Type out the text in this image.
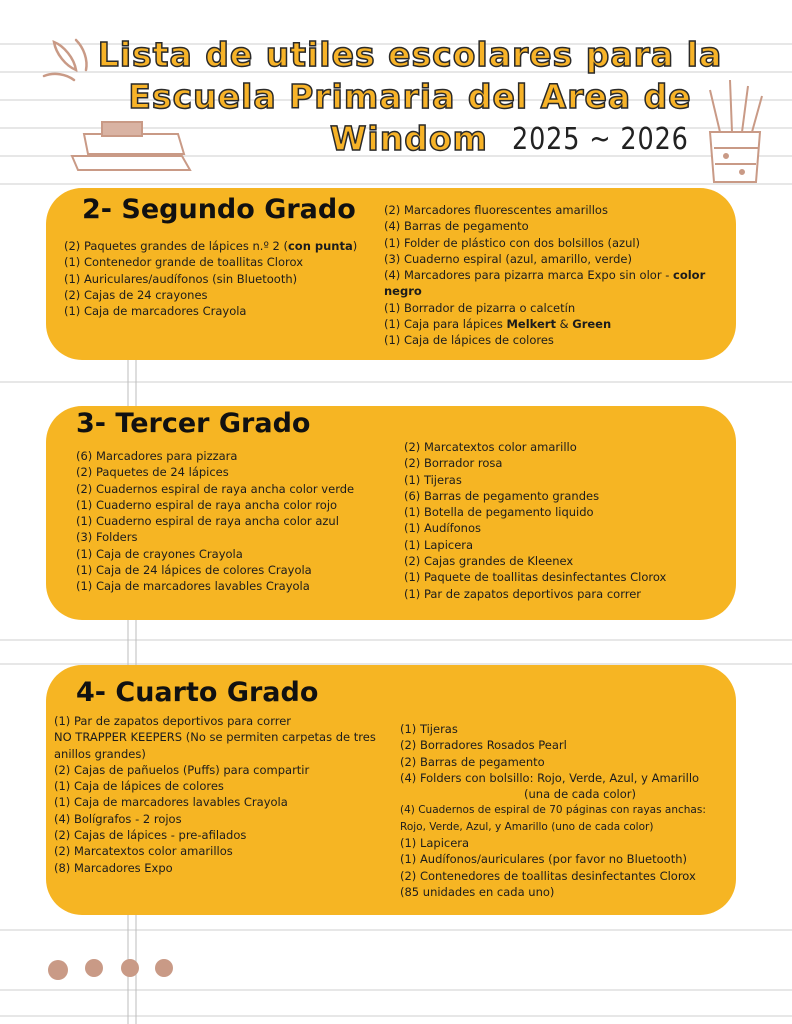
Lista de utiles escolares para la
Escuela Primaria del Area de
Windom 2025 ~ 2026
2- Segundo Grado
(2) Paquetes grandes de lápices n.º 2 (con punta)
(1) Contenedor grande de toallitas Clorox
(1) Auriculares/audífonos (sin Bluetooth)
(2) Cajas de 24 crayones
(1) Caja de marcadores Crayola
(2) Marcadores fluorescentes amarillos
(4) Barras de pegamento
(1) Folder de plástico con dos bolsillos (azul)
(3) Cuaderno espiral (azul, amarillo, verde)
(4) Marcadores para pizarra marca Expo sin olor - color negro
(1) Borrador de pizarra o calcetín
(1) Caja para lápices Melkert & Green
(1) Caja de lápices de colores
3- Tercer Grado
(6) Marcadores para pizzara
(2) Paquetes de 24 lápices
(2) Cuadernos espiral de raya ancha color verde
(1) Cuaderno espiral de raya ancha color rojo
(1) Cuaderno espiral de raya ancha color azul
(3) Folders
(1) Caja de crayones Crayola
(1) Caja de 24 lápices de colores Crayola
(1) Caja de marcadores lavables Crayola
(2) Marcatextos color amarillo
(2) Borrador rosa
(1) Tijeras
(6) Barras de pegamento grandes
(1) Botella de pegamento liquido
(1) Audífonos
(1) Lapicera
(2) Cajas grandes de Kleenex
(1) Paquete de toallitas desinfectantes Clorox
(1) Par de zapatos deportivos para correr
4- Cuarto Grado
(1) Par de zapatos deportivos para correr
NO TRAPPER KEEPERS (No se permiten carpetas de tres anillos grandes)
(2) Cajas de pañuelos (Puffs) para compartir
(1) Caja de lápices de colores
(1) Caja de marcadores lavables Crayola
(4) Bolígrafos - 2 rojos
(2) Cajas de lápices - pre-afilados
(2) Marcatextos color amarillos
(8) Marcadores Expo
(1) Tijeras
(2) Borradores Rosados Pearl
(2) Barras de pegamento
(4) Folders con bolsillo: Rojo, Verde, Azul, y Amarillo
(una de cada color)
(4) Cuadernos de espiral de 70 páginas con rayas anchas:
Rojo, Verde, Azul, y Amarillo (uno de cada color)
(1) Lapicera
(1) Audífonos/auriculares (por favor no Bluetooth)
(2) Contenedores de toallitas desinfectantes Clorox
(85 unidades en cada uno)
